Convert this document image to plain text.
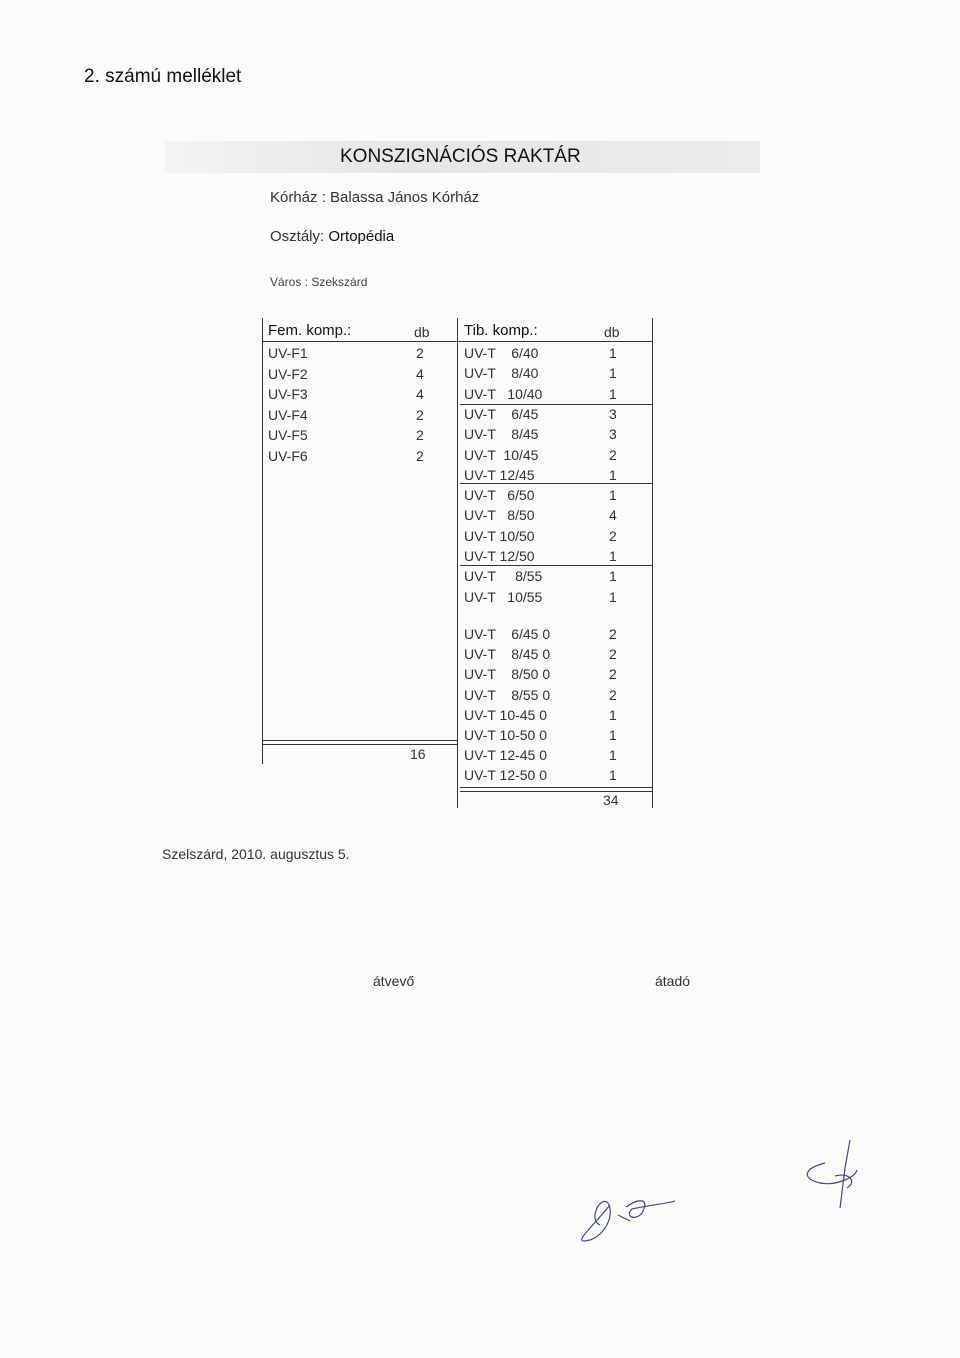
2. számú melléklet
KONSZIGNÁCIÓS RAKTÁR
Kórház : Balassa János Kórház
Osztály: Ortopédia
Város : Szekszárd
Fem. komp.:	db
UV-F1	2
UV-F2	4
UV-F3	4
UV-F4	2
UV-F5	2
UV-F6	2
16
Tib. komp.:	db
UV-T    6/40	1
UV-T    8/40	1
UV-T   10/40	1
UV-T    6/45	3
UV-T    8/45	3
UV-T  10/45	2
UV-T 12/45	1
UV-T   6/50	1
UV-T   8/50	4
UV-T 10/50	2
UV-T 12/50	1
UV-T     8/55	1
UV-T   10/55	1
UV-T    6/45 0	2
UV-T    8/45 0	2
UV-T    8/50 0	2
UV-T    8/55 0	2
UV-T 10-45 0	1
UV-T 10-50 0	1
UV-T 12-45 0	1
UV-T 12-50 0	1
34
Szelszárd, 2010. augusztus 5.
átvevő	átadó
